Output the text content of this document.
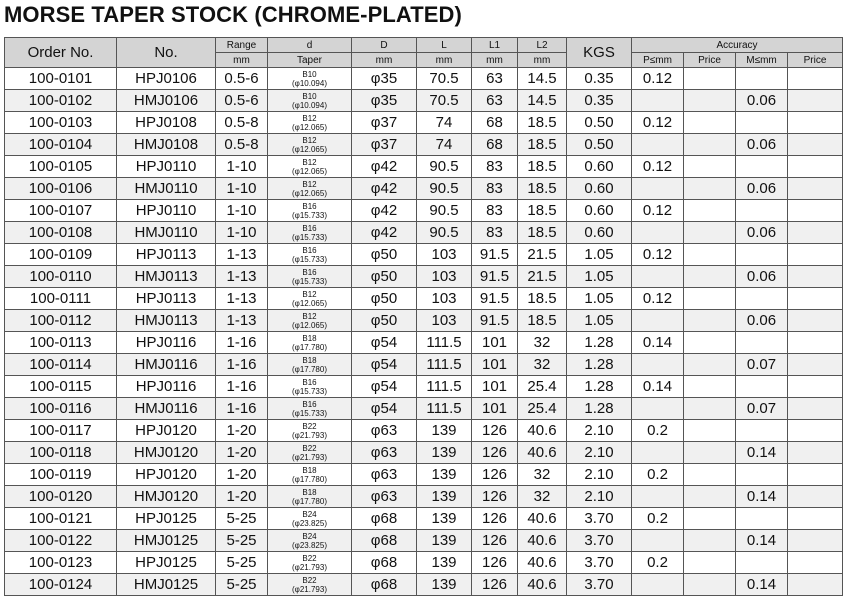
MORSE TAPER STOCK (CHROME-PLATED)
Order No.	No.	Range	d	D	L	L1	L2	KGS	Accuracy			
		mm	Taper	mm	mm	mm	mm		P≤mm	Price	M≤mm	Price
100-0101	HPJ0106	0.5-6	B10
(φ10.094)	φ35	70.5	63	14.5	0.35	0.12			
100-0102	HMJ0106	0.5-6	B10
(φ10.094)	φ35	70.5	63	14.5	0.35			0.06	
100-0103	HPJ0108	0.5-8	B12
(φ12.065)	φ37	74	68	18.5	0.50	0.12			
100-0104	HMJ0108	0.5-8	B12
(φ12.065)	φ37	74	68	18.5	0.50			0.06	
100-0105	HPJ0110	1-10	B12
(φ12.065)	φ42	90.5	83	18.5	0.60	0.12			
100-0106	HMJ0110	1-10	B12
(φ12.065)	φ42	90.5	83	18.5	0.60			0.06	
100-0107	HPJ0110	1-10	B16
(φ15.733)	φ42	90.5	83	18.5	0.60	0.12			
100-0108	HMJ0110	1-10	B16
(φ15.733)	φ42	90.5	83	18.5	0.60			0.06	
100-0109	HPJ0113	1-13	B16
(φ15.733)	φ50	103	91.5	21.5	1.05	0.12			
100-0110	HMJ0113	1-13	B16
(φ15.733)	φ50	103	91.5	21.5	1.05			0.06	
100-0111	HPJ0113	1-13	B12
(φ12.065)	φ50	103	91.5	18.5	1.05	0.12			
100-0112	HMJ0113	1-13	B12
(φ12.065)	φ50	103	91.5	18.5	1.05			0.06	
100-0113	HPJ0116	1-16	B18
(φ17.780)	φ54	111.5	101	32	1.28	0.14			
100-0114	HMJ0116	1-16	B18
(φ17.780)	φ54	111.5	101	32	1.28			0.07	
100-0115	HPJ0116	1-16	B16
(φ15.733)	φ54	111.5	101	25.4	1.28	0.14			
100-0116	HMJ0116	1-16	B16
(φ15.733)	φ54	111.5	101	25.4	1.28			0.07	
100-0117	HPJ0120	1-20	B22
(φ21.793)	φ63	139	126	40.6	2.10	0.2			
100-0118	HMJ0120	1-20	B22
(φ21.793)	φ63	139	126	40.6	2.10			0.14	
100-0119	HPJ0120	1-20	B18
(φ17.780)	φ63	139	126	32	2.10	0.2			
100-0120	HMJ0120	1-20	B18
(φ17.780)	φ63	139	126	32	2.10			0.14	
100-0121	HPJ0125	5-25	B24
(φ23.825)	φ68	139	126	40.6	3.70	0.2			
100-0122	HMJ0125	5-25	B24
(φ23.825)	φ68	139	126	40.6	3.70			0.14	
100-0123	HPJ0125	5-25	B22
(φ21.793)	φ68	139	126	40.6	3.70	0.2			
100-0124	HMJ0125	5-25	B22
(φ21.793)	φ68	139	126	40.6	3.70			0.14	
